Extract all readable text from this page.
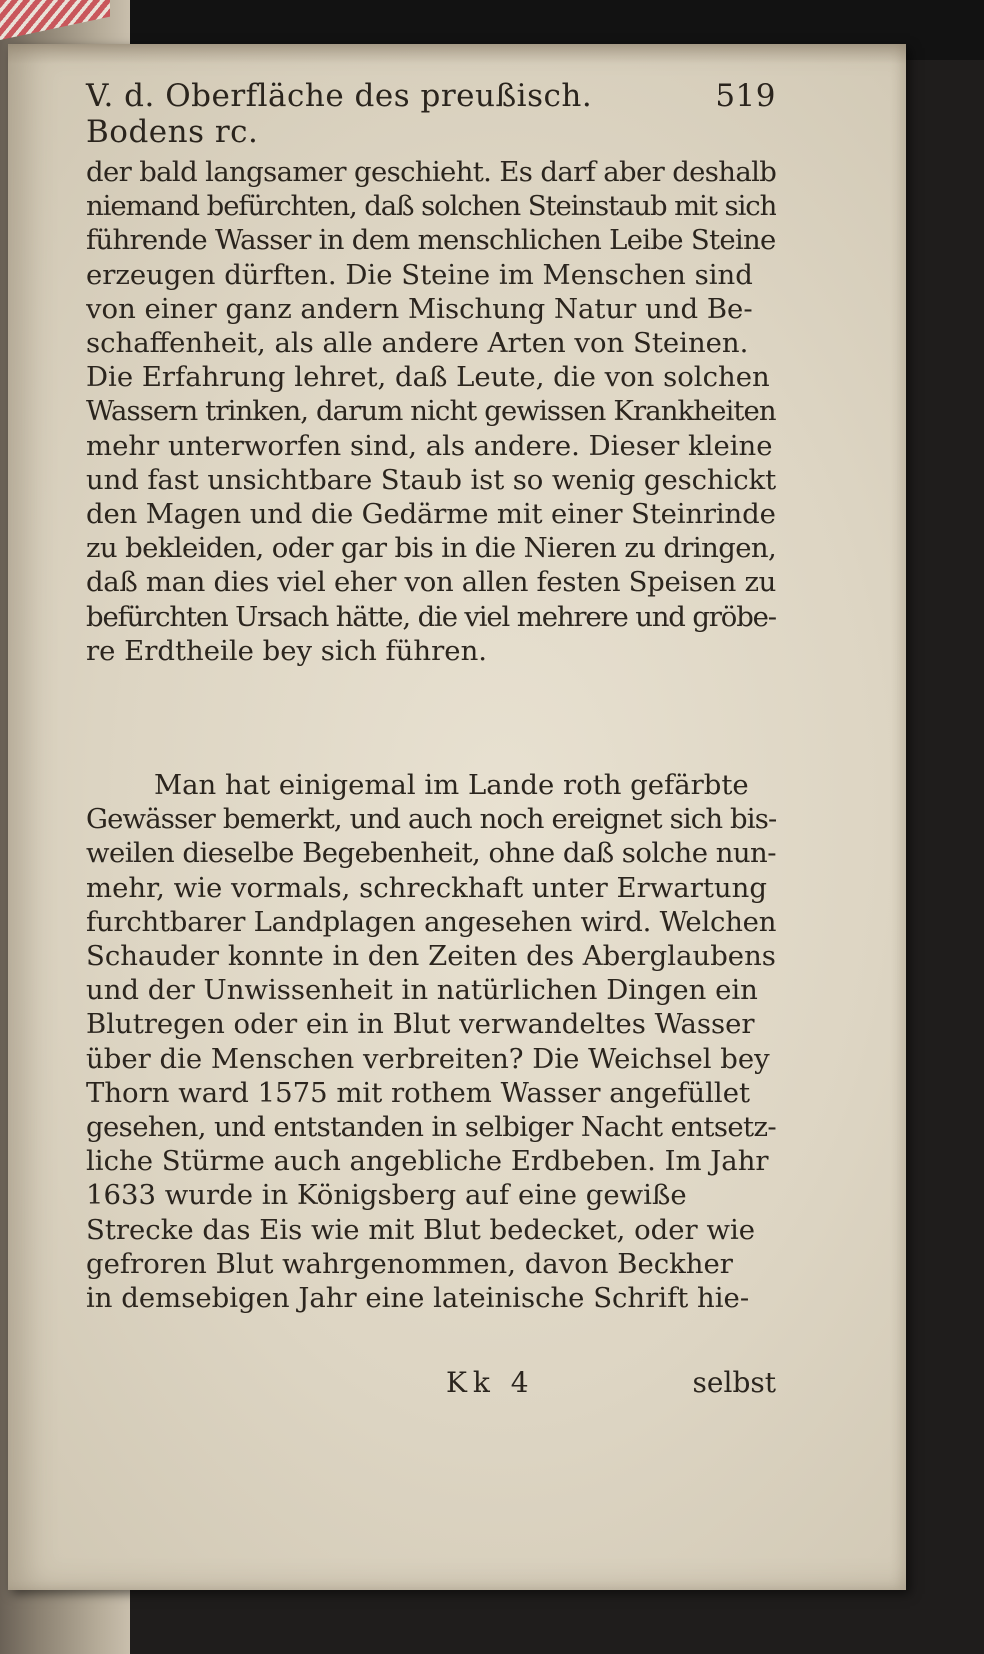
V. d. Oberfläche des preußisch. Bodens rc.
519
der bald langsamer geschieht. Es darf aber deshalb
niemand befürchten, daß solchen Steinstaub mit sich
führende Wasser in dem menschlichen Leibe Steine
erzeugen dürften. Die Steine im Menschen sind
von einer ganz andern Mischung Natur und Be-
schaffenheit, als alle andere Arten von Steinen.
Die Erfahrung lehret, daß Leute, die von solchen
Wassern trinken, darum nicht gewissen Krankheiten
mehr unterworfen sind, als andere. Dieser kleine
und fast unsichtbare Staub ist so wenig geschickt
den Magen und die Gedärme mit einer Steinrinde
zu bekleiden, oder gar bis in die Nieren zu dringen,
daß man dies viel eher von allen festen Speisen zu
befürchten Ursach hätte, die viel mehrere und gröbe-
re Erdtheile bey sich führen.
Man hat einigemal im Lande roth gefärbte
Gewässer bemerkt, und auch noch ereignet sich bis-
weilen dieselbe Begebenheit, ohne daß solche nun-
mehr, wie vormals, schreckhaft unter Erwartung
furchtbarer Landplagen angesehen wird. Welchen
Schauder konnte in den Zeiten des Aberglaubens
und der Unwissenheit in natürlichen Dingen ein
Blutregen oder ein in Blut verwandeltes Wasser
über die Menschen verbreiten? Die Weichsel bey
Thorn ward 1575 mit rothem Wasser angefüllet
gesehen, und entstanden in selbiger Nacht entsetz-
liche Stürme auch angebliche Erdbeben. Im Jahr
1633 wurde in Königsberg auf eine gewiße
Strecke das Eis wie mit Blut bedecket, oder wie
gefroren Blut wahrgenommen, davon Beckher
in demsebigen Jahr eine lateinische Schrift hie-
Kk 4	selbst
